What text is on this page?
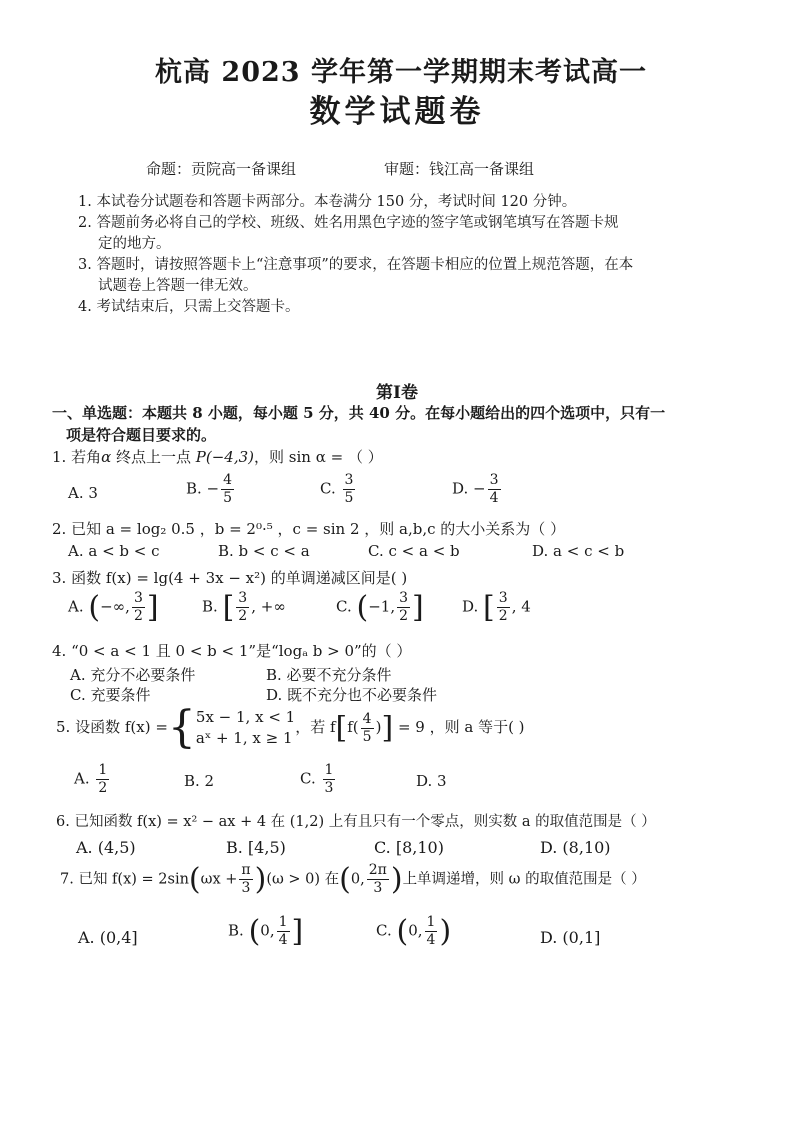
杭高 2023 学年第一学期期末考试高一
数学试题卷
命题：贡院高一备课组	审题：钱江高一备课组
1. 本试卷分试题卷和答题卡两部分。本卷满分 150 分，考试时间 120 分钟。
2. 答题前务必将自己的学校、班级、姓名用黑色字迹的签字笔或钢笔填写在答题卡规
定的地方。
3. 答题时，请按照答题卡上“注意事项”的要求，在答题卡相应的位置上规范答题，在本
试题卷上答题一律无效。
4. 考试结束后，只需上交答题卡。
第Ⅰ卷
一、单选题：本题共 8 小题，每小题 5 分，共 40 分。在每小题给出的四个选项中，只有一
项是符合题目要求的。
1. 若角α 终点上一点 P(−4,3)，则 sin α = （ ）
A. 3	B. − $\frac{4}{5}$	C. $\frac{3}{5}$	D. − $\frac{3}{4}$
2. 已知 a = log₂ 0.5 ，b = 2⁰·⁵ ，c = sin 2 ，则 a,b,c 的大小关系为（ ）
A. a < b < c	B. b < c < a	C. c < a < b	D. a < c < b
3. 函数 f(x) = lg(4 + 3x − x²) 的单调递减区间是( )
A. (−∞, $\frac{3}{2}$ ]	B. [ $\frac{3}{2}$ , +∞	C. (−1, $\frac{3}{2}$ ]	D. [ $\frac{3}{2}$ , 4
4. “0 < a < 1 且 0 < b < 1”是“logₐ b > 0”的（ ）
A. 充分不必要条件	B. 必要不充分条件
C. 充要条件	D. 既不充分也不必要条件
5. 设函数 f(x) ={ 5x − 1, x < 1
aˣ + 1, x ≥ 1
，若 $f[f( \frac{4}{5}$ )] = 9 ，则 a 等于( )
A. $\frac{1}{2}$	B. 2	C. $\frac{1}{3}$	D. 3
6. 已知函数 f(x) = x² − ax + 4 在 (1,2) 上有且只有一个零点，则实数 a 的取值范围是（ ）
A. (4,5)	B. [4,5)	C. [8,10)	D. (8,10)
7. 已知 $f(x) = 2\sin(\omega x + \frac{\pi}{3} )(\omega > 0)$ 在(0, $\frac{2\pi}{3}$ )上单调递增，则 ω 的取值范围是（ ）
A. (0,4]	B. (0, $\frac{1}{4}$ ]	C. (0, $\frac{1}{4}$ )	D. (0,1]
